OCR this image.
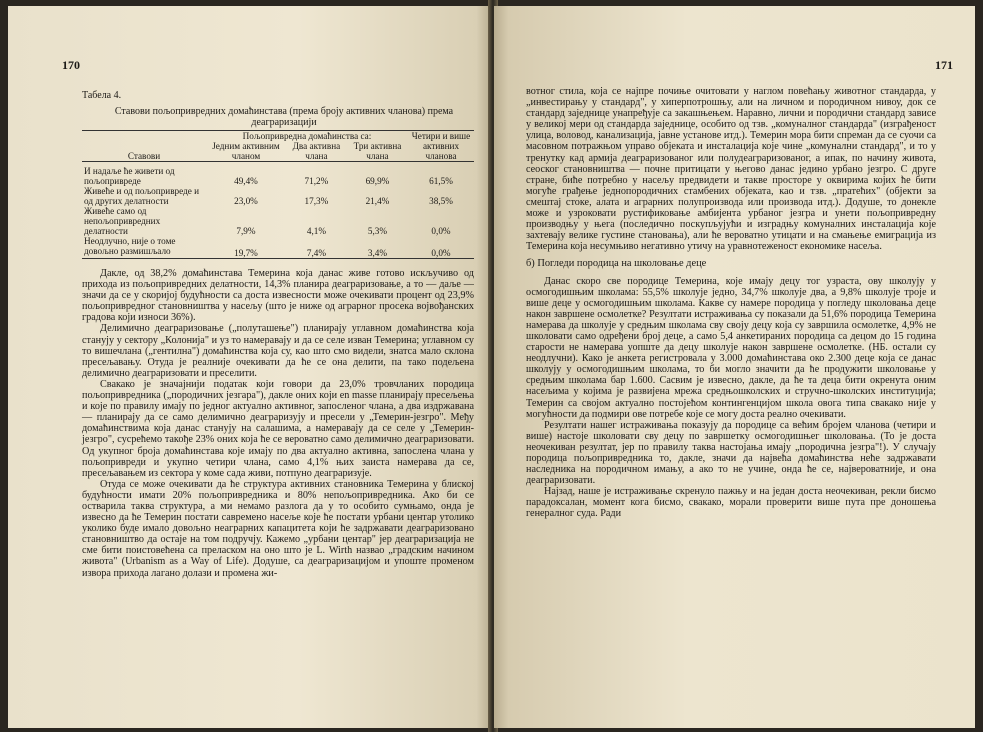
170
Табела 4.
Ставови пољопривредних домаћинстава (према броју активних чланова) према деаграризацији
Ставови	Пољопривредна домаћинства са:			Четири и више активних чланова
	Једним активним чланом	Два активна члана	Три активна члана	
И надаље ће живети од пољопривреде	49,4%	71,2%	69,9%	61,5%
Живеће и од пољопривреде и од других делатности	23,0%	17,3%	21,4%	38,5%
Живеће само од непољопривредних делатности	7,9%	4,1%	5,3%	0,0%
Неодлучно, није о томе довољно размишљало	19,7%	7,4%	3,4%	0,0%

Дакле, од 38,2% домаћинстава Темерина која данас живе готово искључиво од прихода из пољопривредних делатности, 14,3% планира деаграризовање, а то — даље — значи да се у скоријој будућности са доста извесности може очекивати процент од 23,9% пољопривредног становништва у насељу (што је ниже од аграрног просека војвођанских градова који износи 36%).

Делимично деаграризовање („полуташење") планирају углавном домаћинства која станују у сектору „Колонија" и уз то намеравају и да се селе изван Темерина; углавном су то вишечлана („гентилна") домаћинства која су, као што смо видели, знатса мало склона пресељавању. Отуда је реалније очекивати да ће се она делити, па тако подељена делимично деаграризовати и преселити.

Свакако је значајнији податак који говори да 23,0% тровчланих породица пољопривредника („породичних језгара"), дакле оних који en masse планирају пресељења и које по правилу имају по једног актуално активног, запосленог члана, а два издржавана — планирају да се само делимично деаграризују и пресели у „Темерин-језгро". Међу домаћинствима која данас станују на салашима, а намеравају да се селе у „Темерин-језгро", сусрећемо такође 23% оних која ће се вероватно само делимично деаграризовати. Од укупног броја домаћинстава које имају по два актуално активна, запослена члана у пољопривреди и укупно четири члана, само 4,1% њих заиста намерава да се, пресељавањем из сектора у коме сада живи, потпуно деаграризује.

Отуда се може очекивати да ће структура активних становника Темерина у блиској будућности имати 20% пољопривредника и 80% непољопривредника. Ако би се остварила таква структура, а ми немамо разлога да у то особито сумњамо, онда је извесно да ће Темерин постати савремено насеље које ће постати урбани центар утолико уколико буде имало довољно неаграрних капацитета који ће задржавати деаграризовано становништво да остаје на том подручју. Кажемо „урбани центар" јер деаграризација не сме бити поистовећена са преласком на оно што је L. Wirth назвао „градским начином живота" (Urbanism as a Way of Life). Додуше, са деаграризацијом и упоште променом извора прихода лагано долази и промена жи-

171

вотног стила, која се најпре почиње очитовати у наглом повећању животног стандарда, у „инвестирању у стандард", у хиперпотрошњу, али на личном и породичном нивоу, док се стандард заједнице унапређује са закашњењем. Наравно, лични и породични стандард зависе у великој мери од стандарда заједнице, особито од тзв. „комуналног стандарда" (изграђеност улица, воловод, канализација, јавне установе итд.). Темерин мора бити спреман да се суочи са масовном потражњом управо објеката и инсталација које чине „комунални стандард", и то у тренутку кад армија деаграризованог или полудеаграризованог, а ипак, по начину живота, сеоског становништва — почне притицати у његово данас једино урбано језгро. С друге стране, биће потребно у насељу предвидети и такве просторе у оквирима којих ће бити могуће грађење једнопородичних стамбених објеката, као и тзв. „пратећих" (објекти за смештај стоке, алата и аграрних полупроизвода или производа итд.). Додуше, то донекле може и узроковати рустификовање амбијента урбаног језгра и унети пољопривредну производњу у њега (последично поскупљујући и изградњу комуналних инсталација које захтевају велике густине становања), али ће вероватно утицати и на смањење емиграција из Темерина која несумњиво негативно утичу на уравнотеженост економике насеља.

б) Погледи породица на школовање деце

Данас скоро све породице Темерина, које имају децу тог узраста, ову школују у осмогодишњим школама: 55,5% школује једно, 34,7% школује два, а 9,8% школује троје и више деце у осмогодишњим школама. Какве су намере породица у погледу школовања деце након завршене осмолетке? Резултати истраживања су показали да 51,6% породица Темерина намерава да школује у средњим школама сву своју децу која су завршила осмолетке, 4,9% не школовати само одређени број деце, а само 5,4 анкетираних породица са децом до 15 година старости не намерава уопште да децу школује након завршене осмолетке. (НБ. остали су неодлучни). Како је анкета регистровала у 3.000 домаћинстава око 2.300 деце која се данас школују у осмогодишњим школама, то би могло значити да ће продужити школовање у средњим школама бар 1.600. Сасвим је извесно, дакле, да ће та деца бити окренута оним насељима у којима је развијена мрежа средњошколских и стручно-школских институција; Темерин са својом актуално постојећом контингенцијом школа овога типа свакако није у могућности да подмири ове потребе које се могу доста реално очекивати.

Резултати нашег истраживања показују да породице са већим бројем чланова (четири и више) настоје школовати сву децу по завршетку осмогодишњег школовања. (То је доста неочекиван резултат, јер по правилу таква настојања имају „породична језгра"!). У случају породица пољопривредника то, дакле, значи да највећа домаћинства нећe задржавати наследника на породичном имању, а ако то не учине, онда ће се, највероватније, и она деаграризовати.

Најзад, наше је истраживање скренуло пажњу и на један доста неочекиван, рекли бисмо парадоксалан, момент кога бисмо, свакако, морали проверити више пута пре доношења генералног суда. Ради
